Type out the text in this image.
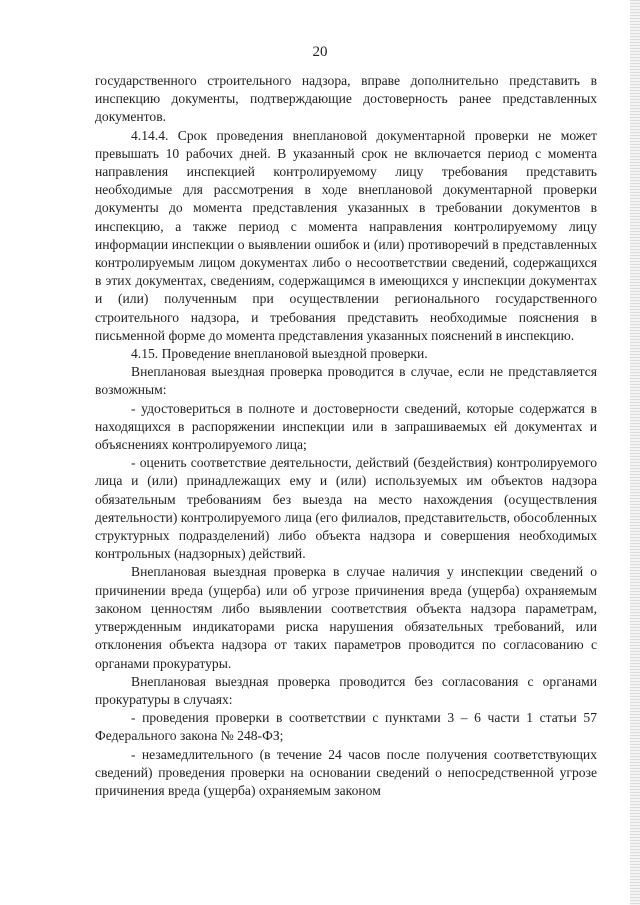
20

государственного строительного надзора, вправе дополнительно представить в инспекцию документы, подтверждающие достоверность ранее представленных документов.

4.14.4. Срок проведения внеплановой документарной проверки не может превышать 10 рабочих дней. В указанный срок не включается период с момента направления инспекцией контролируемому лицу требования представить необходимые для рассмотрения в ходе внеплановой документарной проверки документы до момента представления указанных в требовании документов в инспекцию, а также период с момента направления контролируемому лицу информации инспекции о выявлении ошибок и (или) противоречий в представленных контролируемым лицом документах либо о несоответствии сведений, содержащихся в этих документах, сведениям, содержащимся в имеющихся у инспекции документах и (или) полученным при осуществлении регионального государственного строительного надзора, и требования представить необходимые пояснения в письменной форме до момента представления указанных пояснений в инспекцию.

4.15. Проведение внеплановой выездной проверки.

Внеплановая выездная проверка проводится в случае, если не представляется возможным:

- удостовериться в полноте и достоверности сведений, которые содержатся в находящихся в распоряжении инспекции или в запрашиваемых ей документах и объяснениях контролируемого лица;

- оценить соответствие деятельности, действий (бездействия) контролируемого лица и (или) принадлежащих ему и (или) используемых им объектов надзора обязательным требованиям без выезда на место нахождения (осуществления деятельности) контролируемого лица (его филиалов, представительств, обособленных структурных подразделений) либо объекта надзора и совершения необходимых контрольных (надзорных) действий.

Внеплановая выездная проверка в случае наличия у инспекции сведений о причинении вреда (ущерба) или об угрозе причинения вреда (ущерба) охраняемым законом ценностям либо выявлении соответствия объекта надзора параметрам, утвержденным индикаторами риска нарушения обязательных требований, или отклонения объекта надзора от таких параметров проводится по согласованию с органами прокуратуры.

Внеплановая выездная проверка проводится без согласования с органами прокуратуры в случаях:

- проведения проверки в соответствии с пунктами 3 – 6 части 1 статьи 57 Федерального закона № 248-ФЗ;

- незамедлительного (в течение 24 часов после получения соответствующих сведений) проведения проверки на основании сведений о непосредственной угрозе причинения вреда (ущерба) охраняемым законом
